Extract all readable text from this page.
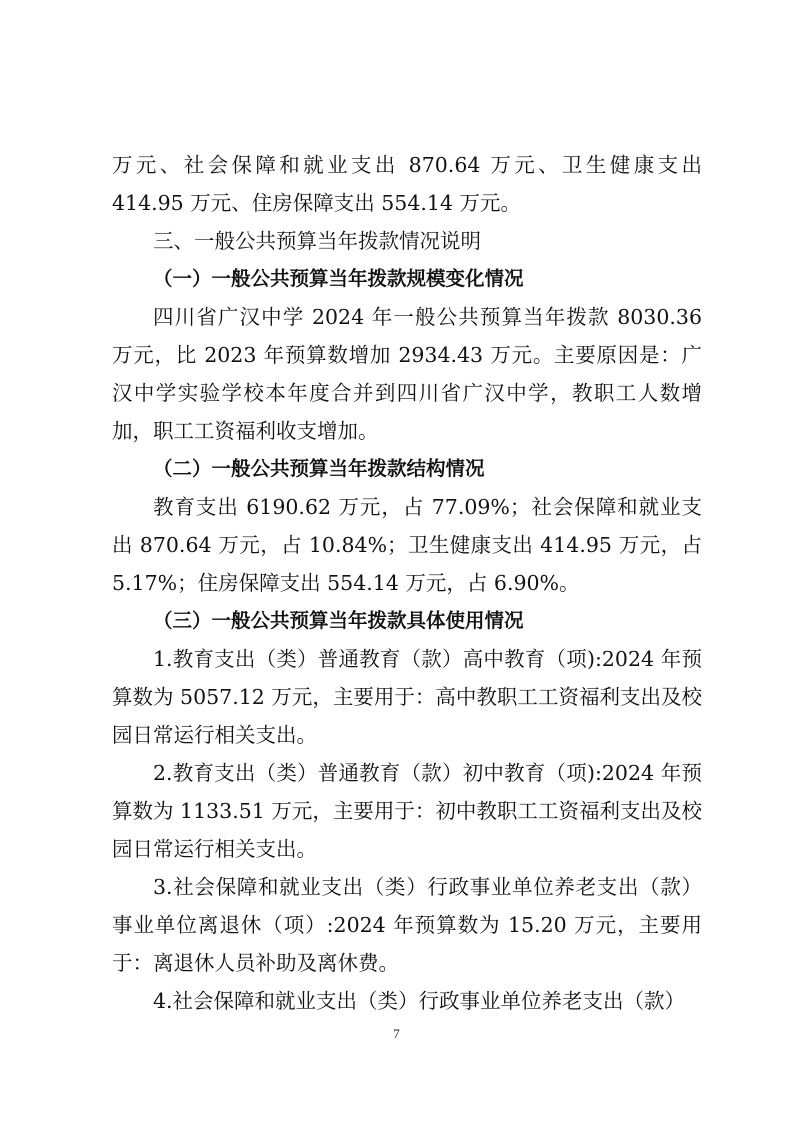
万元、社会保障和就业支出 870.64 万元、卫生健康支出 414.95 万元、住房保障支出 554.14 万元。

三、一般公共预算当年拨款情况说明

（一）一般公共预算当年拨款规模变化情况

四川省广汉中学 2024 年一般公共预算当年拨款 8030.36 万元，比 2023 年预算数增加 2934.43 万元。主要原因是：广汉中学实验学校本年度合并到四川省广汉中学，教职工人数增加，职工工资福利收支增加。

（二）一般公共预算当年拨款结构情况

教育支出 6190.62 万元，占 77.09%；社会保障和就业支出 870.64 万元，占 10.84%；卫生健康支出 414.95 万元，占 5.17%；住房保障支出 554.14 万元，占 6.90%。

（三）一般公共预算当年拨款具体使用情况

1.教育支出（类）普通教育（款）高中教育（项):2024 年预算数为 5057.12 万元，主要用于：高中教职工工资福利支出及校园日常运行相关支出。

2.教育支出（类）普通教育（款）初中教育（项):2024 年预算数为 1133.51 万元，主要用于：初中教职工工资福利支出及校园日常运行相关支出。

3.社会保障和就业支出（类）行政事业单位养老支出（款）事业单位离退休（项）:2024 年预算数为 15.20 万元，主要用于：离退休人员补助及离休费。

4.社会保障和就业支出（类）行政事业单位养老支出（款）

7
